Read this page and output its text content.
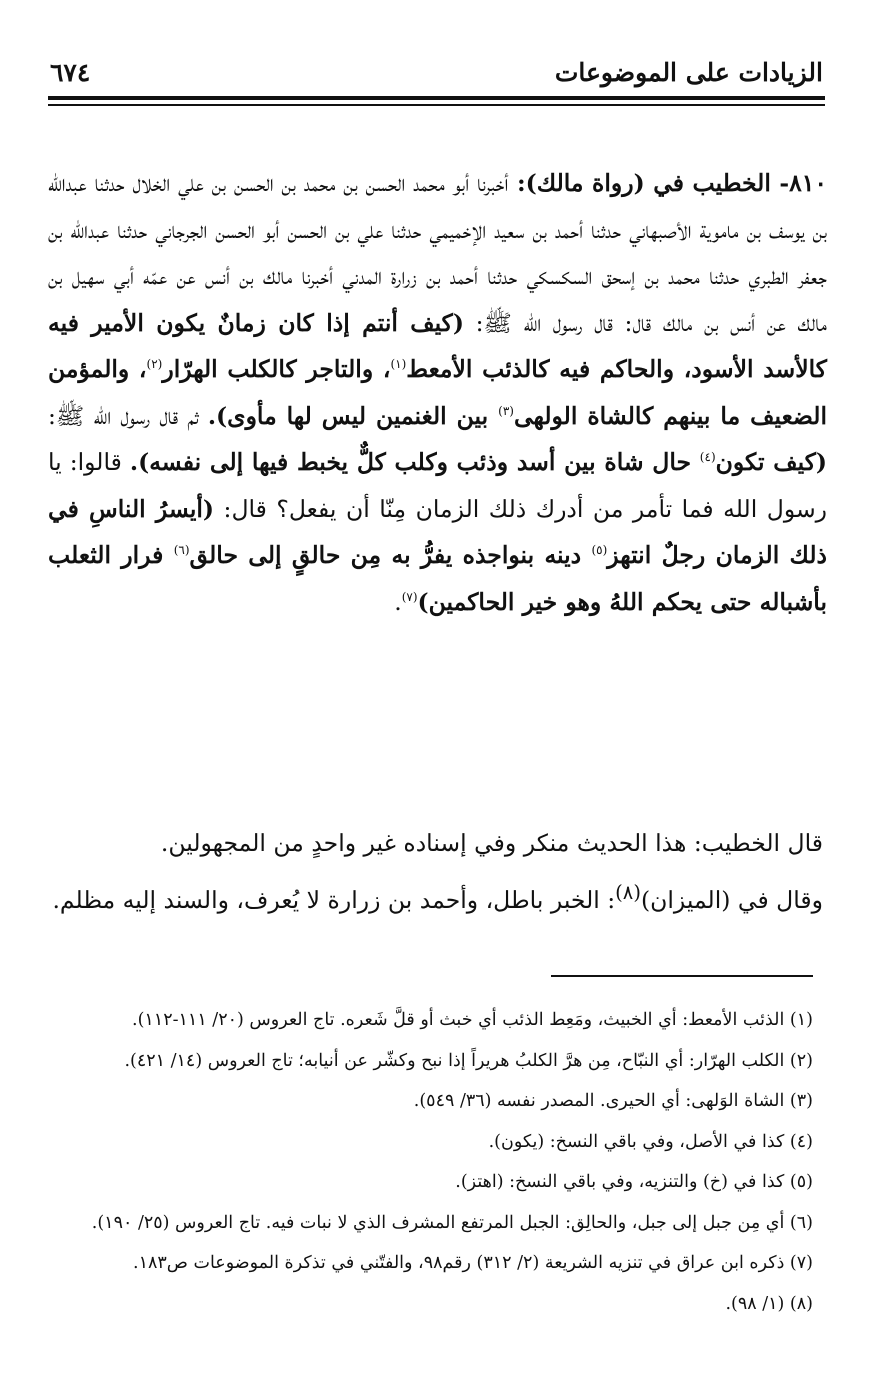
الزيادات على الموضوعات
٦٧٤

٨١٠- الخطيب في (رواة مالك): أخبرنا أبو محمد الحسن بن محمد بن الحسن بن علي الخلال حدثنا عبدالله بن يوسف بن ماموية الأصبهاني حدثنا أحمد بن سعيد الإخميمي حدثنا علي بن الحسن أبو الحسن الجرجاني حدثنا عبدالله بن جعفر الطبري حدثنا محمد بن إسحق السكسكي حدثنا أحمد بن زرارة المدني أخبرنا مالك بن أنس عن عمّه أبي سهيل بن مالك عن أنس بن مالك قال: قال رسول الله ﷺ: (كيف أنتم إذا كان زمانٌ يكون الأمير فيه كالأسد الأسود، والحاكم فيه كالذئب الأمعط$^{(١)}$، والتاجر كالكلب الهرّار$^{(٢)}$، والمؤمن الضعيف ما بينهم كالشاة الولهى$^{(٣)}$ بين الغنمين ليس لها مأوى). ثم قال رسول الله ﷺ: (كيف تكون$^{(٤)}$ حال شاة بين أسد وذئب وكلب كلٌّ يخبط فيها إلى نفسه). قالوا: يا رسول الله فما تأمر من أدرك ذلك الزمان مِنّا أن يفعل؟ قال: (أيسرُ الناسِ في ذلك الزمان رجلٌ انتهز$^{(٥)}$ دينه بنواجذه يفرُّ به مِن حالقٍ إلى حالق$^{(٦)}$ فرار الثعلب بأشباله حتى يحكم اللهُ وهو خير الحاكمين)$^{(٧)}$.

قال الخطيب: هذا الحديث منكر وفي إسناده غير واحدٍ من المجهولين.

وقال في (الميزان)$^{(٨)}$: الخبر باطل، وأحمد بن زرارة لا يُعرف، والسند إليه مظلم.

(١) الذئب الأمعط: أي الخبيث، ومَعِط الذئب أي خبث أو قلَّ شَعره. تاج العروس (٢٠/ ١١١-١١٢).
(٢) الكلب الهرّار: أي النبّاح، مِن هرَّ الكلبُ هريراً إذا نبح وكشّر عن أنيابه؛ تاج العروس (١٤/ ٤٢١).
(٣) الشاة الوَلهى: أي الحيرى. المصدر نفسه (٣٦/ ٥٤٩).
(٤) كذا في الأصل، وفي باقي النسخ: (يكون).
(٥) كذا في (خ) والتنزيه، وفي باقي النسخ: (اهتز).
(٦) أي مِن جبل إلى جبل، والحالِق: الجبل المرتفع المشرف الذي لا نبات فيه. تاج العروس (٢٥/ ١٩٠).
(٧) ذكره ابن عراق في تنزيه الشريعة (٢/ ٣١٢) رقم٩٨، والفتّني في تذكرة الموضوعات ص١٨٣.
(٨) (١/ ٩٨).
